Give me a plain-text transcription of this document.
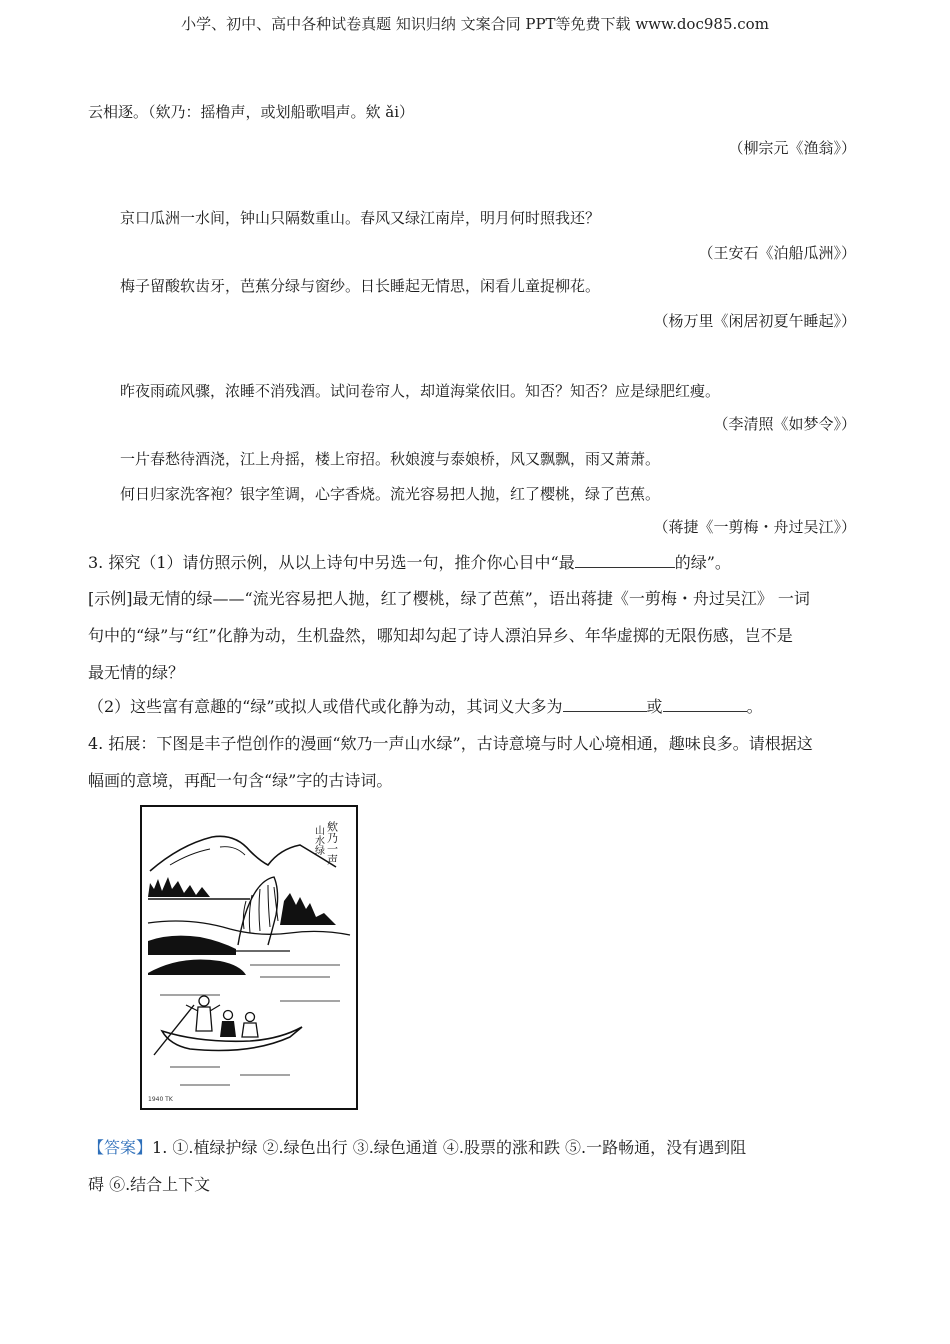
小学、初中、高中各种试卷真题 知识归纳 文案合同 PPT等免费下载 www.doc985.com
云相逐。（欸乃：摇橹声，或划船歌唱声。欸 ǎi）
（柳宗元《渔翁》）
京口瓜洲一水间，钟山只隔数重山。春风又绿江南岸，明月何时照我还？
（王安石《泊船瓜洲》）
梅子留酸软齿牙，芭蕉分绿与窗纱。日长睡起无情思，闲看儿童捉柳花。
（杨万里《闲居初夏午睡起》）
昨夜雨疏风骤，浓睡不消残酒。试问卷帘人，却道海棠依旧。知否？知否？应是绿肥红瘦。
（李清照《如梦令》）
一片春愁待酒浇，江上舟摇，楼上帘招。秋娘渡与泰娘桥，风又飘飘，雨又萧萧。
何日归家洗客袍？银字笙调，心字香烧。流光容易把人抛，红了樱桃，绿了芭蕉。
（蒋捷《一剪梅・舟过吴江》）
3. 探究（1）请仿照示例，从以上诗句中另选一句，推介你心目中“最	的绿”。
[示例]最无情的绿——“流光容易把人抛，红了樱桃，绿了芭蕉”，语出蒋捷《一剪梅・舟过吴江》 一词
句中的“绿”与“红”化静为动，生机盎然，哪知却勾起了诗人漂泊异乡、年华虚掷的无限伤感，岂不是
最无情的绿？
（2）这些富有意趣的“绿”或拟人或借代或化静为动，其词义大多为	或	。
4. 拓展：下图是丰子恺创作的漫画“欸乃一声山水绿”，古诗意境与时人心境相通，趣味良多。请根据这
幅画的意境，再配一句含“绿”字的古诗词。
欸乃一声
山水绿
1940 TK
【答案】1. ①.植绿护绿 ②.绿色出行 ③.绿色通道 ④.股票的涨和跌 ⑤.一路畅通，没有遇到阻
碍 ⑥.结合上下文
